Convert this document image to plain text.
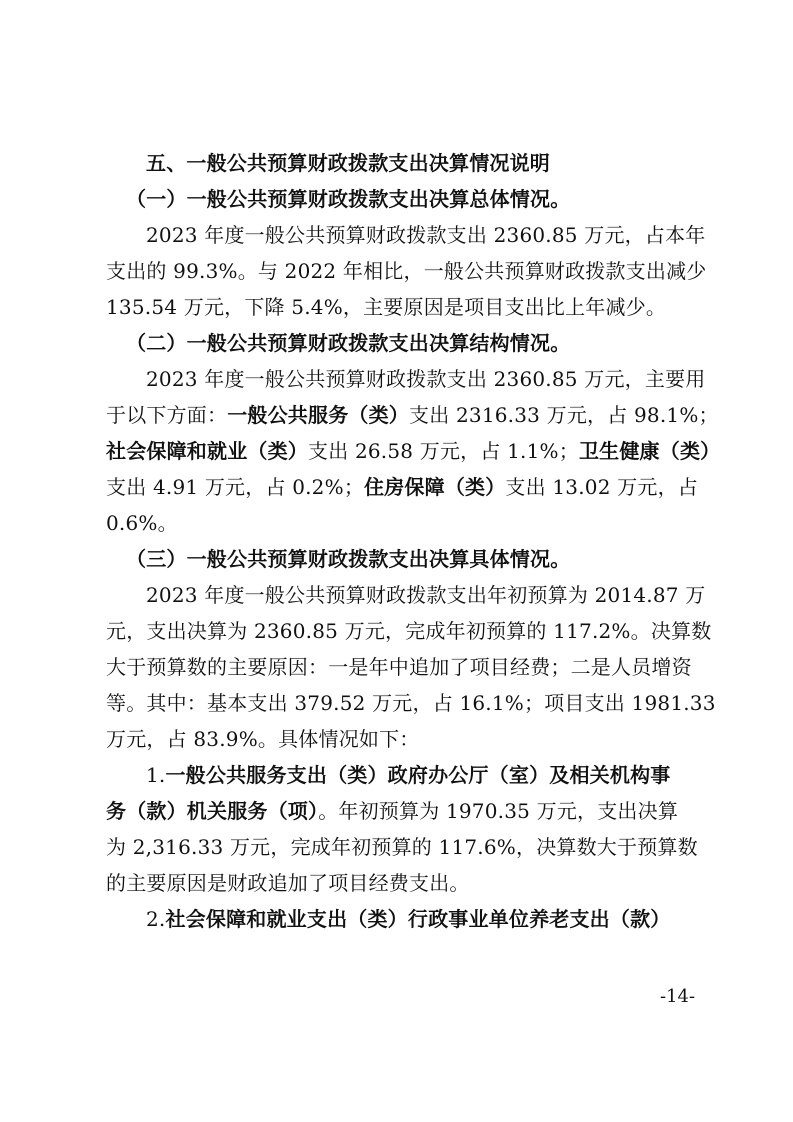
五、一般公共预算财政拨款支出决算情况说明
（一）一般公共预算财政拨款支出决算总体情况。
2023 年度一般公共预算财政拨款支出 2360.85 万元，占本年
支出的 99.3%。与 2022 年相比，一般公共预算财政拨款支出减少
135.54 万元，下降 5.4%，主要原因是项目支出比上年减少。
（二）一般公共预算财政拨款支出决算结构情况。
2023 年度一般公共预算财政拨款支出 2360.85 万元，主要用
于以下方面：一般公共服务（类）支出 2316.33 万元，占 98.1%；
社会保障和就业（类）支出 26.58 万元，占 1.1%；卫生健康（类）
支出 4.91 万元，占 0.2%；住房保障（类）支出 13.02 万元，占
0.6%。
（三）一般公共预算财政拨款支出决算具体情况。
2023 年度一般公共预算财政拨款支出年初预算为 2014.87 万
元，支出决算为 2360.85 万元，完成年初预算的 117.2%。决算数
大于预算数的主要原因：一是年中追加了项目经费；二是人员增资
等。其中：基本支出 379.52 万元，占 16.1%；项目支出 1981.33
万元，占 83.9%。具体情况如下：
1.一般公共服务支出（类）政府办公厅（室）及相关机构事
务（款）机关服务（项）。年初预算为 1970.35 万元，支出决算
为 2,316.33 万元，完成年初预算的 117.6%，决算数大于预算数
的主要原因是财政追加了项目经费支出。
2.社会保障和就业支出（类）行政事业单位养老支出（款）
-14-
